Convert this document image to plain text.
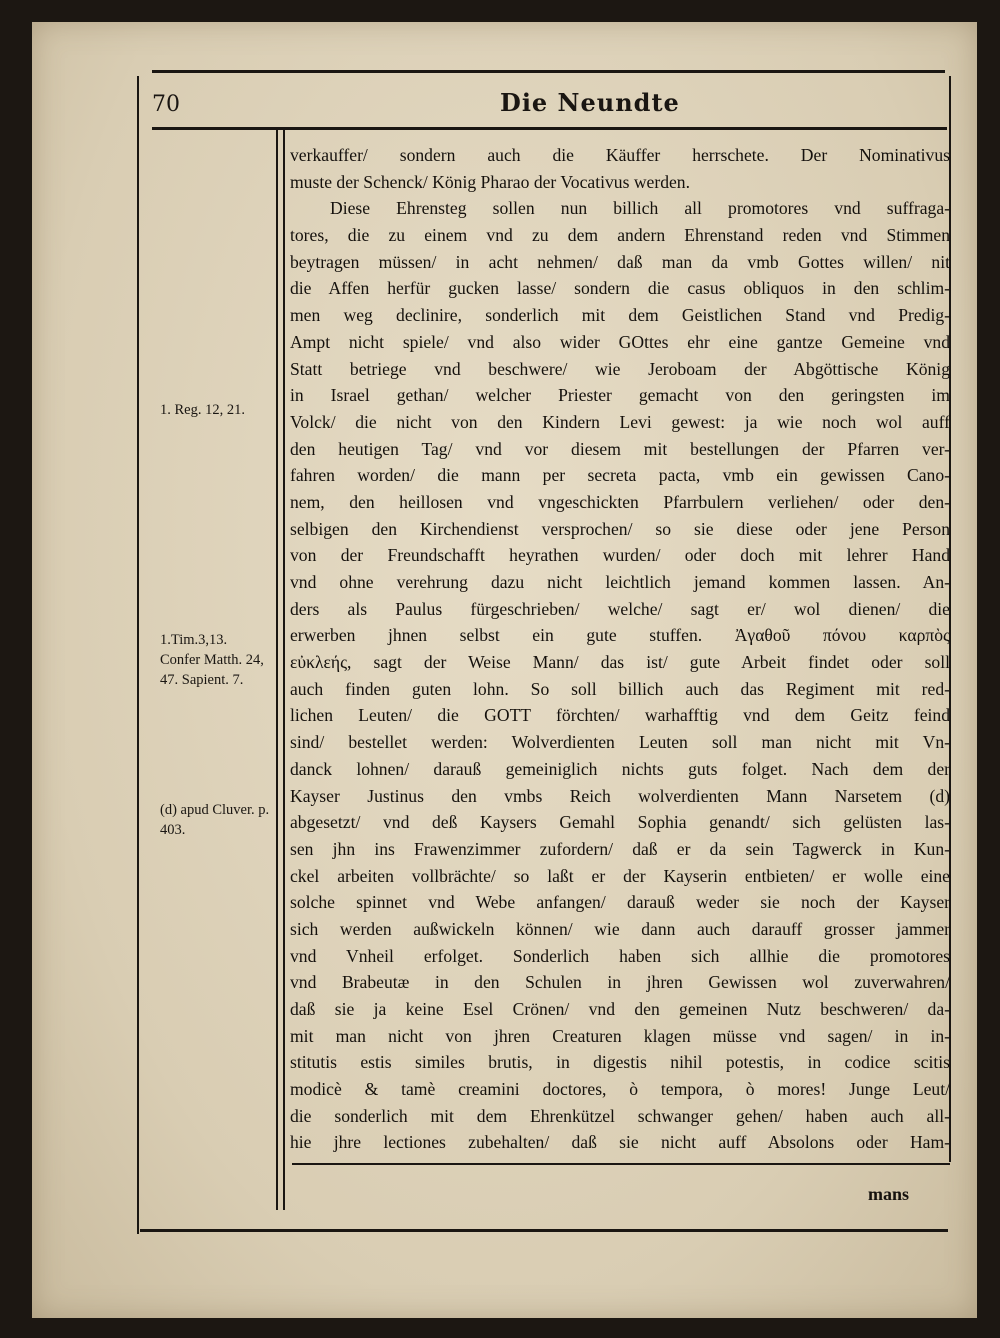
70	Die Neundte
1. Reg. 12, 21.
1.Tim.3,13. Confer Matth. 24, 47. Sapient. 7.
(d) apud Cluver. p. 403.
verkauffer/ sondern auch die Käuffer herrschete. Der Nominativus
muste der Schenck/ König Pharao der Vocativus werden.
Diese Ehrensteg sollen nun billich all promotores vnd suffraga-
tores, die zu einem vnd zu dem andern Ehrenstand reden vnd Stimmen
beytragen müssen/ in acht nehmen/ daß man da vmb Gottes willen/ nit
die Affen herfür gucken lasse/ sondern die casus obliquos in den schlim-
men weg declinire, sonderlich mit dem Geistlichen Stand vnd Predig-
Ampt nicht spiele/ vnd also wider GOttes ehr eine gantze Gemeine vnd
Statt betriege vnd beschwere/ wie Jeroboam der Abgöttische König
in Israel gethan/ welcher Priester gemacht von den geringsten im
Volck/ die nicht von den Kindern Levi gewest: ja wie noch wol auff
den heutigen Tag/ vnd vor diesem mit bestellungen der Pfarren ver-
fahren worden/ die mann per secreta pacta, vmb ein gewissen Cano-
nem, den heillosen vnd vngeschickten Pfarrbulern verliehen/ oder den-
selbigen den Kirchendienst versprochen/ so sie diese oder jene Person
von der Freundschafft heyrathen wurden/ oder doch mit lehrer Hand
vnd ohne verehrung dazu nicht leichtlich jemand kommen lassen. An-
ders als Paulus fürgeschrieben/ welche/ sagt er/ wol dienen/ die
erwerben jhnen selbst ein gute stuffen. Ἀγαθοῦ πόνου καρπὸς
εὐκλεής, sagt der Weise Mann/ das ist/ gute Arbeit findet oder soll
auch finden guten lohn. So soll billich auch das Regiment mit red-
lichen Leuten/ die GOTT förchten/ warhafftig vnd dem Geitz feind
sind/ bestellet werden: Wolverdienten Leuten soll man nicht mit Vn-
danck lohnen/ darauß gemeiniglich nichts guts folget. Nach dem der
Kayser Justinus den vmbs Reich wolverdienten Mann Narsetem (d)
abgesetzt/ vnd deß Kaysers Gemahl Sophia genandt/ sich gelüsten las-
sen jhn ins Frawenzimmer zufordern/ daß er da sein Tagwerck in Kun-
ckel arbeiten vollbrächte/ so laßt er der Kayserin entbieten/ er wolle eine
solche spinnet vnd Webe anfangen/ darauß weder sie noch der Kayser
sich werden außwickeln können/ wie dann auch darauff grosser jammer
vnd Vnheil erfolget. Sonderlich haben sich allhie die promotores
vnd Brabeutæ in den Schulen in jhren Gewissen wol zuverwahren/
daß sie ja keine Esel Crönen/ vnd den gemeinen Nutz beschweren/ da-
mit man nicht von jhren Creaturen klagen müsse vnd sagen/ in in-
stitutis estis similes brutis, in digestis nihil potestis, in codice scitis
modicè & tamè creamini doctores, ò tempora, ò mores! Junge Leut/
die sonderlich mit dem Ehrenkützel schwanger gehen/ haben auch all-
hie jhre lectiones zubehalten/ daß sie nicht auff Absolons oder Ham-
mans
